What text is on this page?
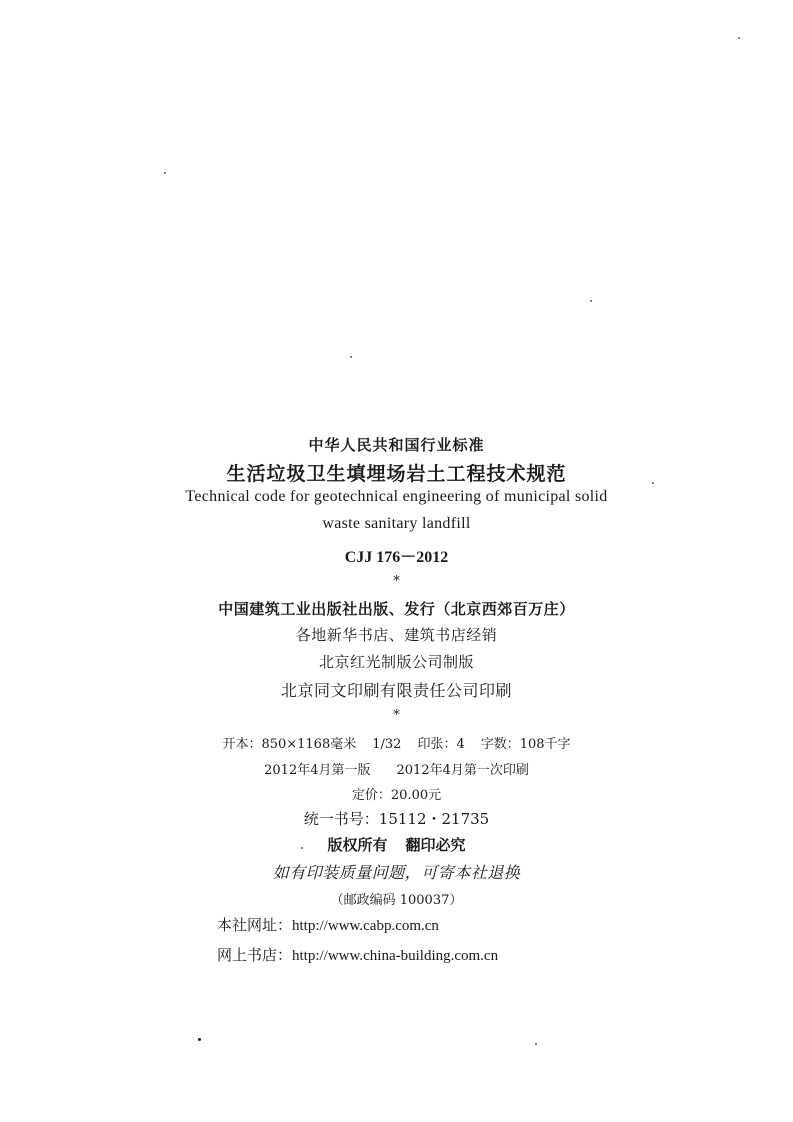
中华人民共和国行业标准
生活垃圾卫生填埋场岩土工程技术规范
Technical code for geotechnical engineering of municipal solid
waste sanitary landfill
CJJ 176－2012
*
中国建筑工业出版社出版、发行（北京西郊百万庄）
各地新华书店、建筑书店经销
北京红光制版公司制版
北京同文印刷有限责任公司印刷
*
开本：850×1168毫米 1/32 印张：4 字数：108千字
2012年4月第一版 2012年4月第一次印刷
定价：20.00元
统一书号：15112・21735
版权所有 翻印必究
如有印装质量问题，可寄本社退换
（邮政编码 100037）
本社网址：http://www.cabp.com.cn
网上书店：http://www.china-building.com.cn
